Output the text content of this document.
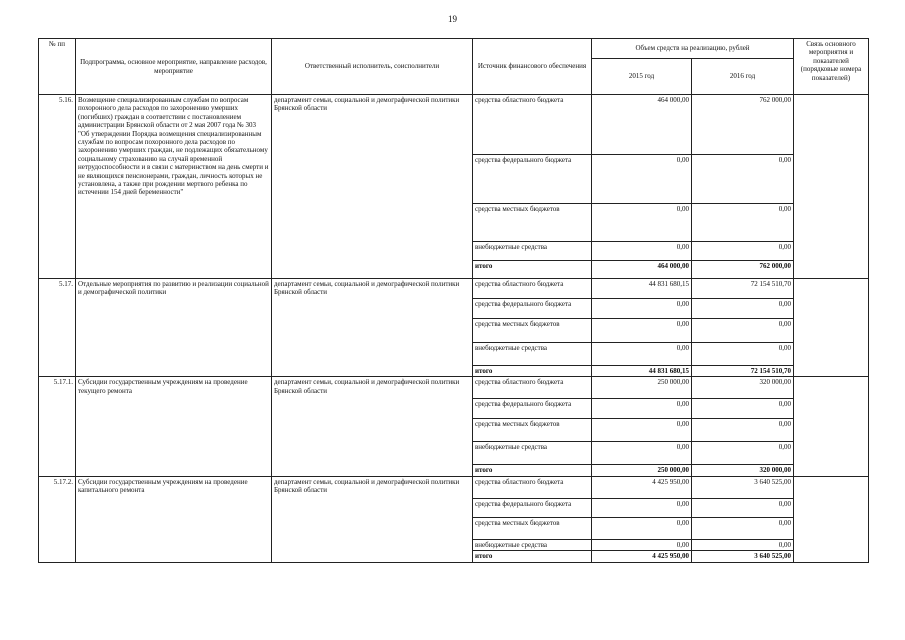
19
№ пп	Подпрограмма, основное мероприятие, направление расходов, мероприятие	Ответственный исполнитель, соисполнители	Источник финансового обеспечения	Объем средств на реализацию, рублей		Связь основного мероприятия и показателей (порядковые номера показателей)
				2015 год	2016 год	
5.16.	Возмещение специализированным службам по вопросам похоронного дела расходов по захоронению умерших (погибших) граждан в соответствии с постановлением администрации Брянской области от 2 мая 2007 года № 303 "Об утверждении Порядка возмещения специализированным службам по вопросам похоронного дела расходов по захоронению умерших граждан, не подлежащих обязательному социальному страхованию на случай временной нетрудоспособности и в связи с материнством на день смерти и не являющихся пенсионерами, граждан, личность которых не установлена, а также при рождении мертвого ребенка по истечении 154 дней беременности"	департамент семьи, социальной и демографической политики Брянской области	средства областного бюджета	464 000,00	762 000,00	
			средства федерального бюджета	0,00	0,00	
			средства местных бюджетов	0,00	0,00	
			внебюджетные средства	0,00	0,00	
			итого	464 000,00	762 000,00	
5.17.	Отдельные мероприятия по развитию и реализации социальной и демографической политики	департамент семьи, социальной и демографической политики Брянской области	средства областного бюджета	44 831 680,15	72 154 510,70	
			средства федерального бюджета	0,00	0,00	
			средства местных бюджетов	0,00	0,00	
			внебюджетные средства	0,00	0,00	
			итого	44 831 680,15	72 154 510,70	
5.17.1.	Субсидии государственным учреждениям на проведение текущего ремонта	департамент семьи, социальной и демографической политики Брянской области	средства областного бюджета	250 000,00	320 000,00	
			средства федерального бюджета	0,00	0,00	
			средства местных бюджетов	0,00	0,00	
			внебюджетные средства	0,00	0,00	
			итого	250 000,00	320 000,00	
5.17.2.	Субсидии государственным учреждениям на проведение капитального ремонта	департамент семьи, социальной и демографической политики Брянской области	средства областного бюджета	4 425 950,00	3 640 525,00	
			средства федерального бюджета	0,00	0,00	
			средства местных бюджетов	0,00	0,00	
			внебюджетные средства	0,00	0,00	
			итого	4 425 950,00	3 640 525,00	
